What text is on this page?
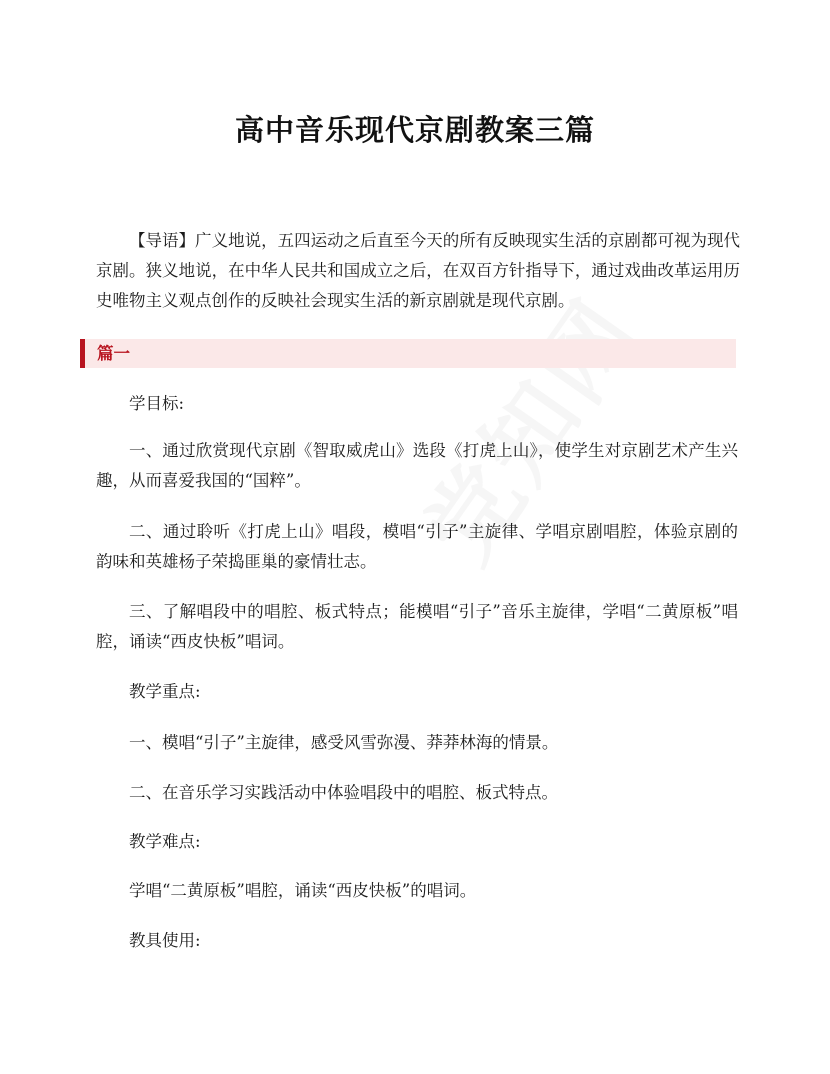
高中音乐现代京剧教案三篇

【导语】广义地说，五四运动之后直至今天的所有反映现实生活的京剧都可视为现代京剧。狭义地说，在中华人民共和国成立之后，在双百方针指导下，通过戏曲改革运用历史唯物主义观点创作的反映社会现实生活的新京剧就是现代京剧。

篇一

学目标:

一、通过欣赏现代京剧《智取威虎山》选段《打虎上山》，使学生对京剧艺术产生兴趣，从而喜爱我国的“国粹”。

二、通过聆听《打虎上山》唱段，模唱“引子”主旋律、学唱京剧唱腔，体验京剧的韵味和英雄杨子荣捣匪巢的豪情壮志。

三、了解唱段中的唱腔、板式特点；能模唱“引子”音乐主旋律，学唱“二黄原板”唱腔，诵读“西皮快板”唱词。

教学重点:

一、模唱“引子”主旋律，感受风雪弥漫、莽莽林海的情景。

二、在音乐学习实践活动中体验唱段中的唱腔、板式特点。

教学难点:

学唱“二黄原板”唱腔，诵读“西皮快板”的唱词。

教具使用:
